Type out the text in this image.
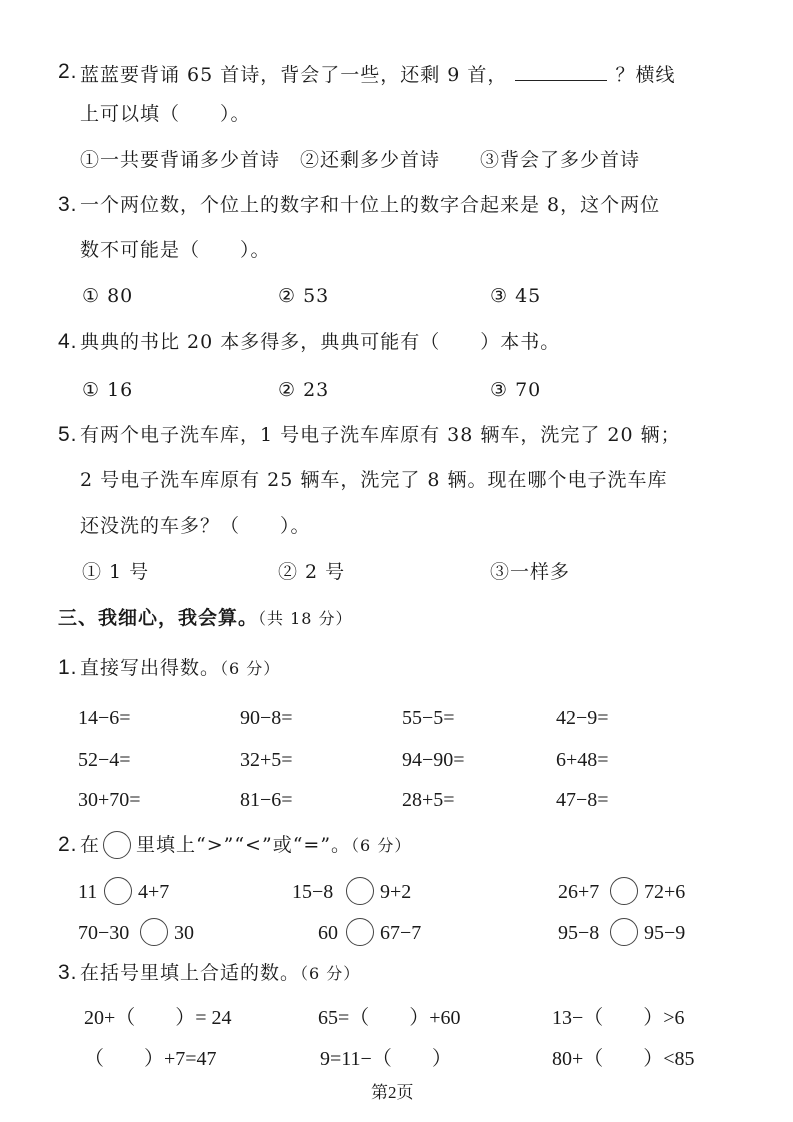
2. 蓝蓝要背诵 65 首诗，背会了一些，还剩 9 首，	？横线
上可以填（　　）。
①一共要背诵多少首诗　②还剩多少首诗　　③背会了多少首诗
3. 一个两位数，个位上的数字和十位上的数字合起来是 8，这个两位
数不可能是（　　）。
① 80	② 53	③ 45
4. 典典的书比 20 本多得多，典典可能有（　　）本书。
① 16	② 23	③ 70
5. 有两个电子洗车库，1 号电子洗车库原有 38 辆车，洗完了 20 辆；
2 号电子洗车库原有 25 辆车，洗完了 8 辆。现在哪个电子洗车库
还没洗的车多？（　　）。
① 1 号	② 2 号	③一样多
三、我细心，我会算。（共 18 分）
1. 直接写出得数。（6 分）
14−6=	90−8=	55−5=	42−9=
52−4=	32+5=	94−90=	6+48=
30+70=	81−6=	28+5=	47−8=
2. 在 里填上“>”“<”或“=”。（6 分）
11 4+7	15−8 9+2	26+7 72+6
70−30 30	60 67−7	95−8 95−9
3. 在括号里填上合适的数。（6 分）
20+（　　）= 24	65=（　　）+60	13−（　　）>6
（　　）+7=47	9=11−（　　）	80+（　　）<85
第2页
